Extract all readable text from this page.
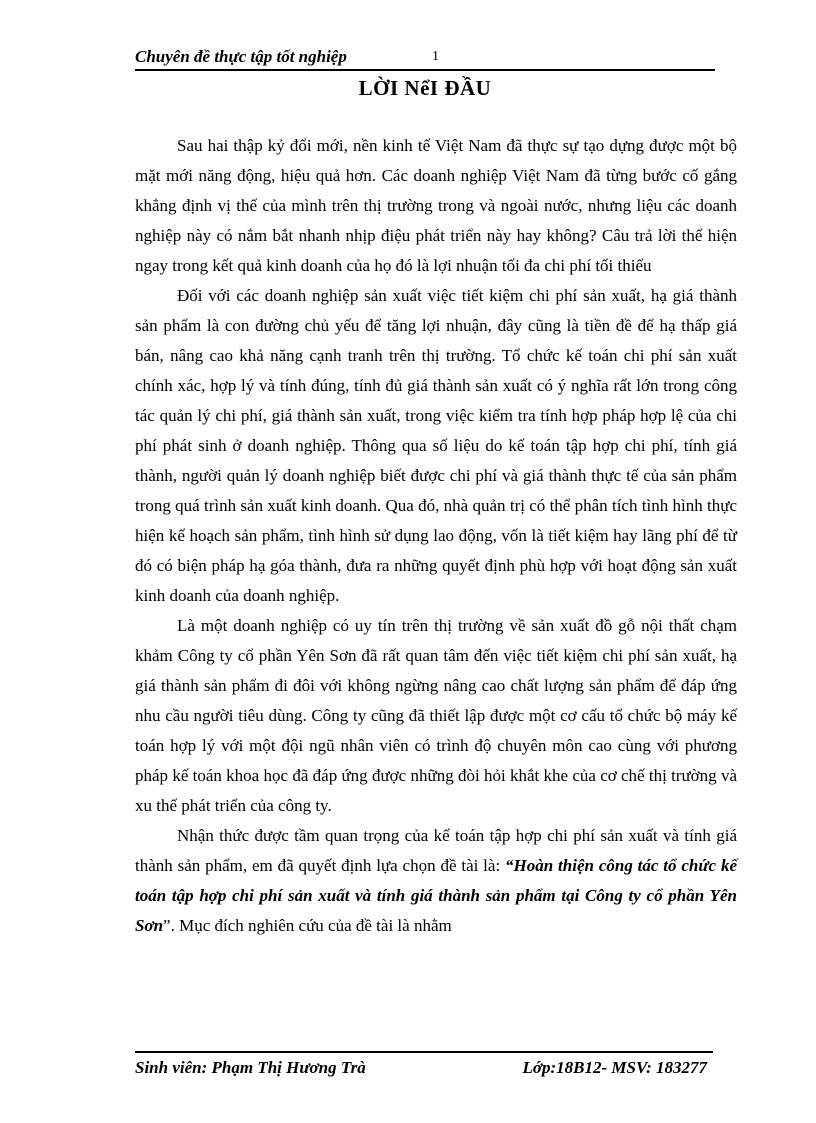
Chuyên đề thực tập tốt nghiệp	1
LỜI NểI ĐẦU

Sau hai thập kỷ đổi mới, nền kinh tế Việt Nam đã thực sự tạo dựng được một bộ mặt mới năng động, hiệu quả hơn. Các doanh nghiệp Việt Nam đã từng bước cố gắng khẳng định vị thế của mình trên thị trường trong và ngoài nước, nhưng liệu các doanh nghiệp này có nắm bắt nhanh nhịp điệu phát triển này hay không? Câu trả lời thể hiện ngay trong kết quả kinh doanh của họ đó là lợi nhuận tối đa chi phí tối thiểu

Đối với các doanh nghiệp sản xuất việc tiết kiệm chi phí sản xuất, hạ giá thành sản phẩm là con đường chủ yếu để tăng lợi nhuận, đây cũng là tiền đề để hạ thấp giá bán, nâng cao khả năng cạnh tranh trên thị trường. Tổ chức kế toán chi phí sản xuất chính xác, hợp lý và tính đúng, tính đủ giá thành sản xuất có ý nghĩa rất lớn trong công tác quản lý chi phí, giá thành sản xuất, trong việc kiểm tra tính hợp pháp hợp lệ của chi phí phát sinh ở doanh nghiệp. Thông qua số liệu do kế toán tập hợp chi phí, tính giá thành, người quản lý doanh nghiệp biết được chi phí và giá thành thực tế của sản phẩm trong quá trình sản xuất kinh doanh. Qua đó, nhà quản trị có thể phân tích tình hình thực hiện kế hoạch sản phẩm, tình hình sử dụng lao động, vốn là tiết kiệm hay lãng phí để từ đó có biện pháp hạ góa thành, đưa ra những quyết định phù hợp với hoạt động sản xuất kinh doanh của doanh nghiệp.

Là một doanh nghiệp có uy tín trên thị trường về sản xuất đồ gỗ nội thất chạm khảm Công ty cổ phần Yên Sơn đã rất quan tâm đến việc tiết kiệm chi phí sản xuất, hạ giá thành sản phẩm đi đôi với không ngừng nâng cao chất lượng sản phẩm để đáp ứng nhu cầu người tiêu dùng. Công ty cũng đã thiết lập được một cơ cấu tổ chức bộ máy kế toán hợp lý với một đội ngũ nhân viên có trình độ chuyên môn cao cùng với phương pháp kế toán khoa học đã đáp ứng được những đòi hỏi khắt khe của cơ chế thị trường và xu thế phát triển của công ty.

Nhận thức được tầm quan trọng của kế toán tập hợp chi phí sản xuất và tính giá thành sản phẩm, em đã quyết định lựa chọn đề tài là: “Hoàn thiện công tác tổ chức kế toán tập hợp chi phí sản xuất và tính giá thành sản phẩm tại Công ty cổ phần Yên Sơn”. Mục đích nghiên cứu của đề tài là nhằm

Sinh viên: Phạm Thị Hương Trà	Lớp:18B12- MSV: 183277
